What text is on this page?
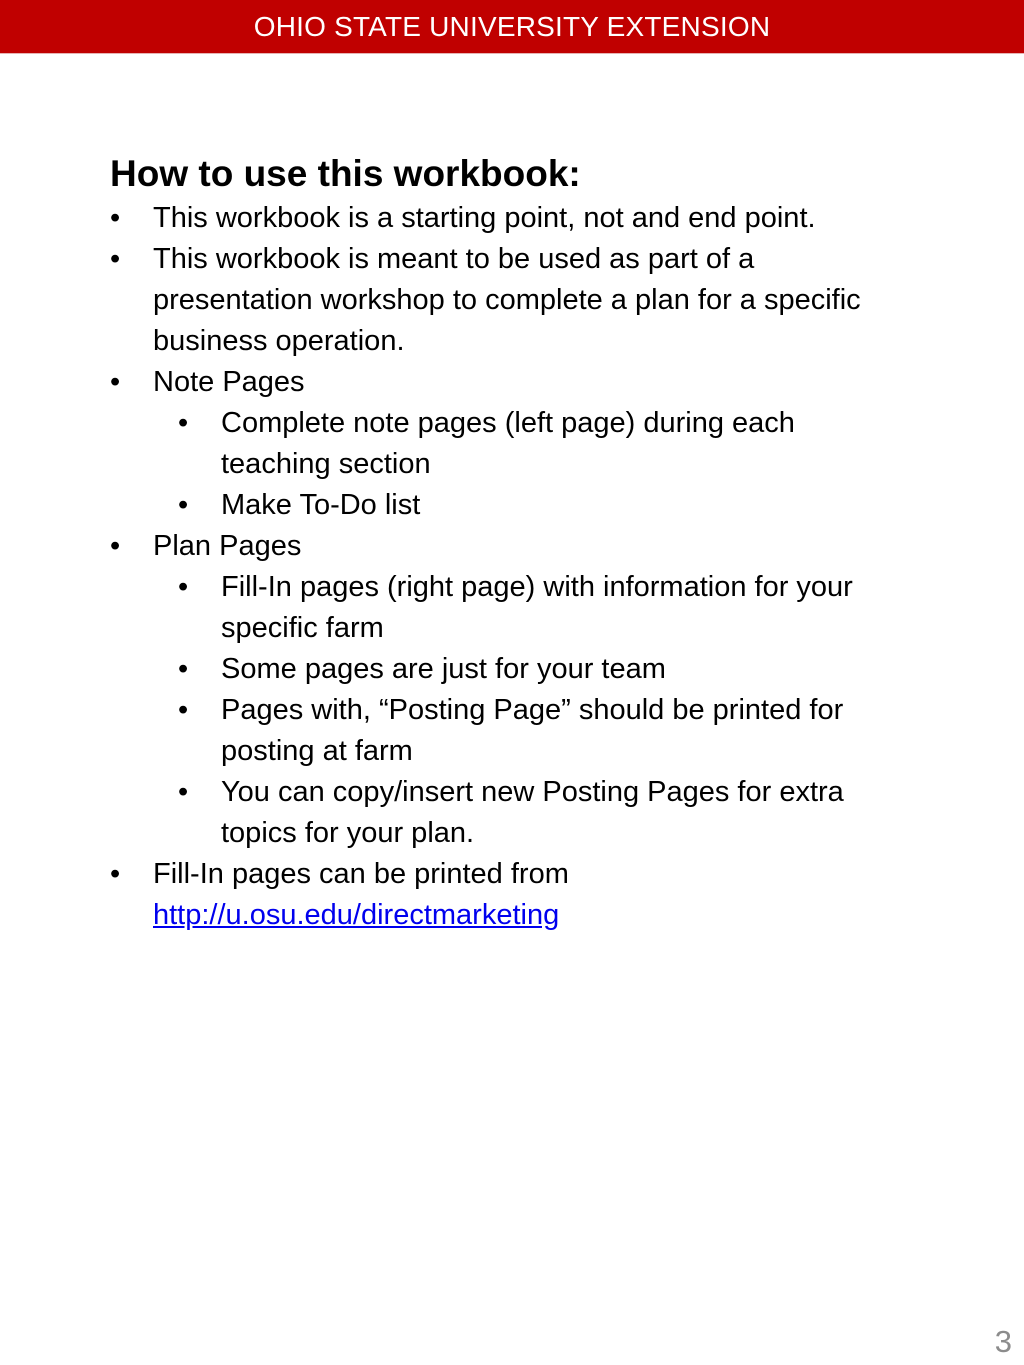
OHIO STATE UNIVERSITY EXTENSION
How to use this workbook:
• This workbook is a starting point, not and end point.
• This workbook is meant to be used as part of a presentation workshop to complete a plan for a specific business operation.
• Note Pages
• Complete note pages (left page) during each teaching section
• Make To-Do list
• Plan Pages
• Fill-In pages (right page) with information for your specific farm
• Some pages are just for your team
• Pages with, “Posting Page” should be printed for posting at farm
• You can copy/insert new Posting Pages for extra topics for your plan.
• Fill-In pages can be printed from
http://u.osu.edu/directmarketing
3
